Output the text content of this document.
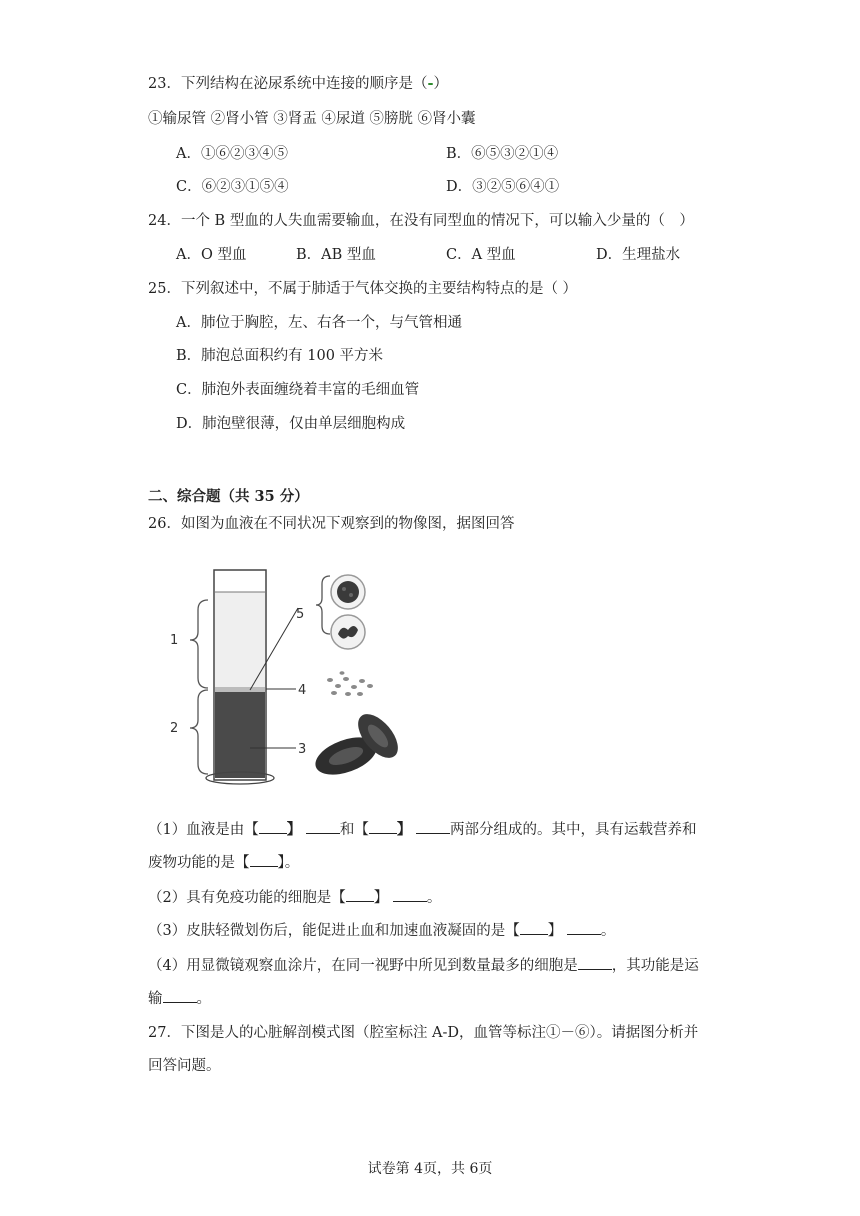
23．下列结构在泌尿系统中连接的顺序是（-）
①输尿管 ②肾小管 ③肾盂 ④尿道 ⑤膀胱 ⑥肾小囊
A．①⑥②③④⑤	B．⑥⑤③②①④
C．⑥②③①⑤④	D．③②⑤⑥④①
24．一个 B 型血的人失血需要输血，在没有同型血的情况下，可以输入少量的（　）
A．O 型血	B．AB 型血	C．A 型血	D．生理盐水
25．下列叙述中，不属于肺适于气体交换的主要结构特点的是（ ）
A．肺位于胸腔，左、右各一个，与气管相通
B．肺泡总面积约有 100 平方米
C．肺泡外表面缠绕着丰富的毛细血管
D．肺泡壁很薄，仅由单层细胞构成
二、综合题（共 35 分）
26．如图为血液在不同状况下观察到的物像图，据图回答
1
2
5
4
3
（1）血液是由【 】	和【 】	两部分组成的。其中，具有运载营养和
废物功能的是【 】。
（2）具有免疫功能的细胞是【 】	。
（3）皮肤轻微划伤后，能促进止血和加速血液凝固的是【 】	。
（4）用显微镜观察血涂片，在同一视野中所见到数量最多的细胞是 ，其功能是运
输 。
27．下图是人的心脏解剖模式图（腔室标注 A-D，血管等标注①－⑥）。请据图分析并
回答问题。
试卷第 4页，共 6页
